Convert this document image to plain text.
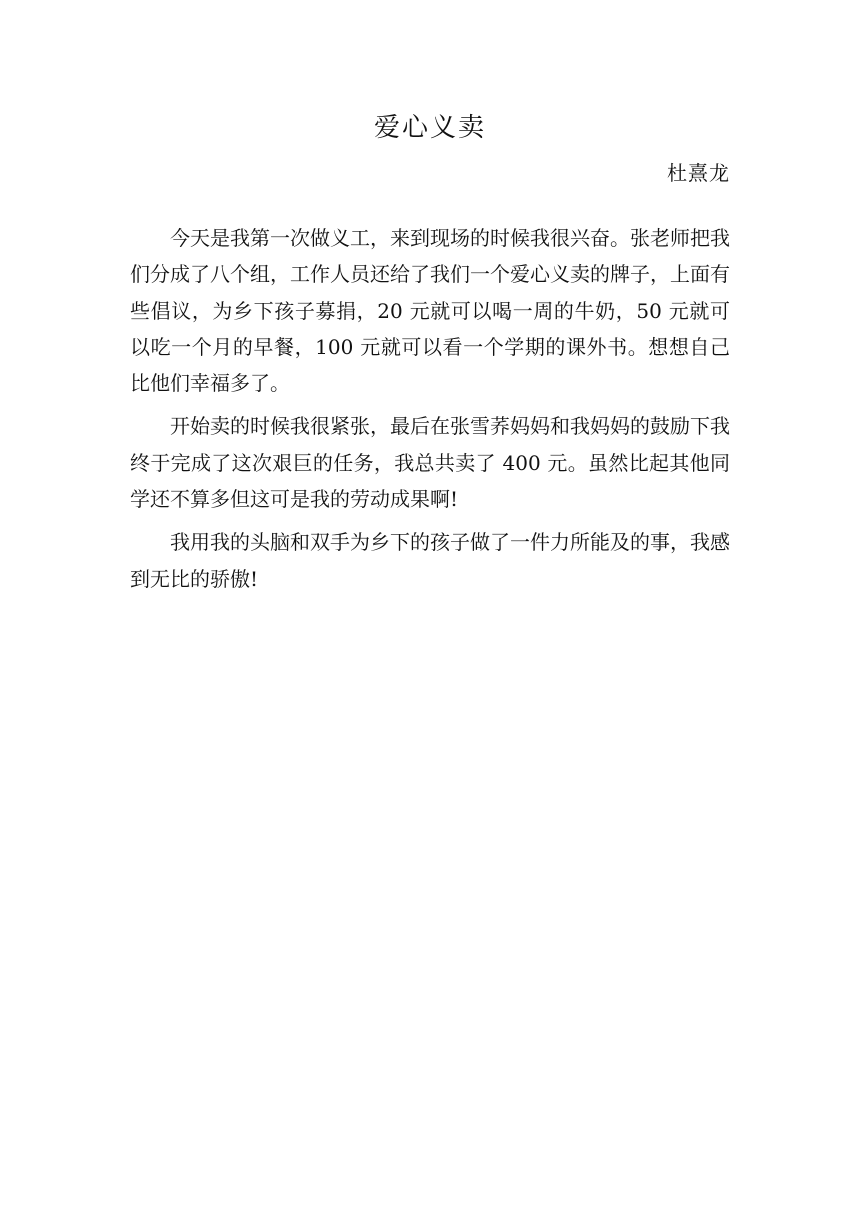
爱心义卖
杜熹龙

今天是我第一次做义工，来到现场的时候我很兴奋。张老师把我们分成了八个组，工作人员还给了我们一个爱心义卖的牌子，上面有些倡议，为乡下孩子募捐，20 元就可以喝一周的牛奶，50 元就可以吃一个月的早餐，100 元就可以看一个学期的课外书。想想自己比他们幸福多了。

开始卖的时候我很紧张，最后在张雪荞妈妈和我妈妈的鼓励下我终于完成了这次艰巨的任务，我总共卖了 400 元。虽然比起其他同学还不算多但这可是我的劳动成果啊!

我用我的头脑和双手为乡下的孩子做了一件力所能及的事，我感到无比的骄傲!
